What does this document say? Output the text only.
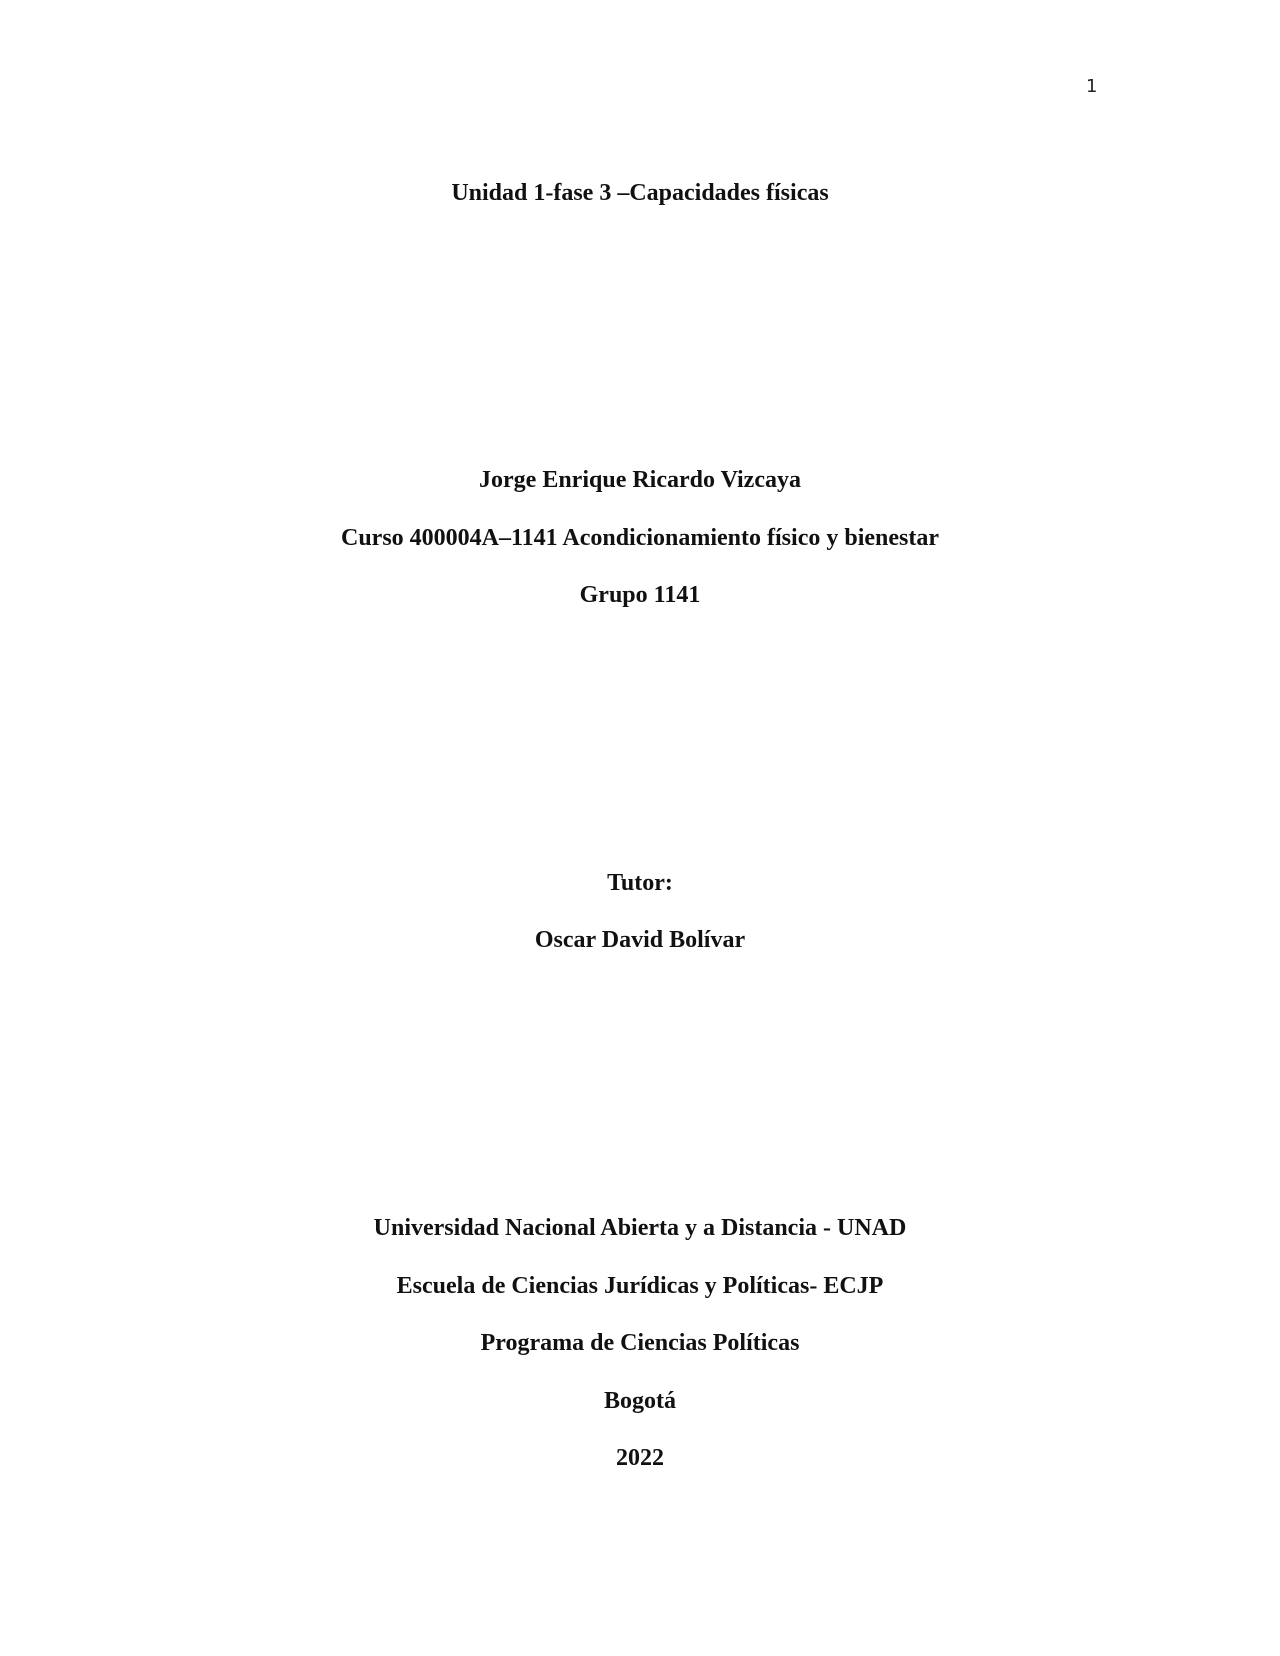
1
Unidad 1-fase 3 –Capacidades físicas
Jorge Enrique Ricardo Vizcaya
Curso 400004A–1141 Acondicionamiento físico y bienestar
Grupo 1141
Tutor:
Oscar David Bolívar
Universidad Nacional Abierta y a Distancia - UNAD
Escuela de Ciencias Jurídicas y Políticas- ECJP
Programa de Ciencias Políticas
Bogotá
2022
